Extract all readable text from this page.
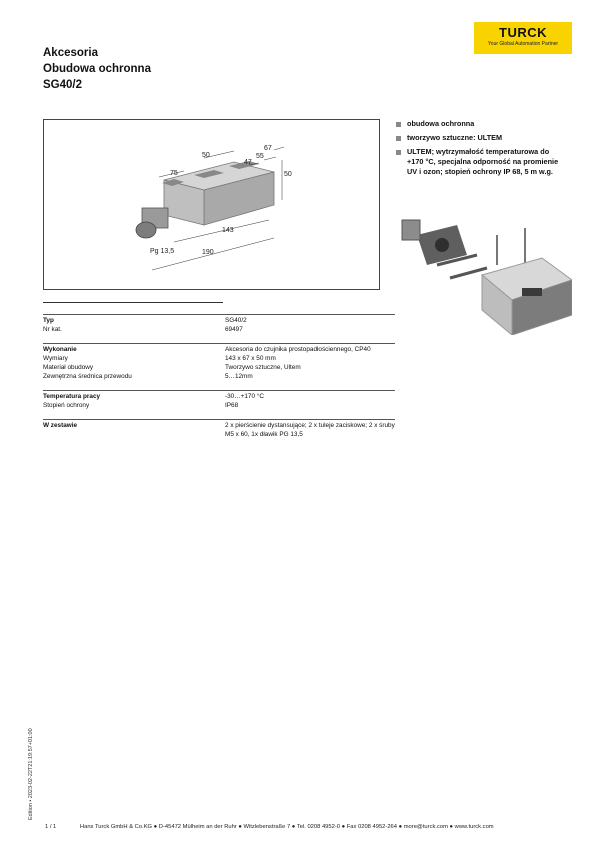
Akcesoria
Obudowa ochronna
SG40/2
TURCK
Your Global Automation Partner
50
67
55
47
75	50
143
Pg 13,5	190
obudowa ochronna
tworzywo sztuczne: ULTEM
ULTEM; wytrzymałość temperaturowa do +170 °C, specjalna odporność na promienie UV i ozon; stopień ochrony IP 68, 5 m w.g.
Typ	SG40/2
Nr kat.	69497
Wykonanie	Akcesoria do czujnika prostopadłościennego, CP40
Wymiary	143 x 67 x 50 mm
Materiał obudowy	Tworzywo sztuczne, Ultem
Zewnętrzna średnica przewodu	5…12mm
Temperatura pracy	-30…+170 °C
Stopień ochrony	IP68
W zestawie	2 x pierścienie dystansujące; 2 x tuleje zaciskowe; 2 x śruby M5 x 60, 1x dławik PG 13,5
Edition • 2023-02-22T21:19:57+01:00
1 / 1	Hans Turck GmbH & Co.KG ● D-45472 Mülheim an der Ruhr ● Witzlebenstraße 7 ● Tel. 0208 4952-0 ● Fax 0208 4952-264 ● more@turck.com ● www.turck.com
